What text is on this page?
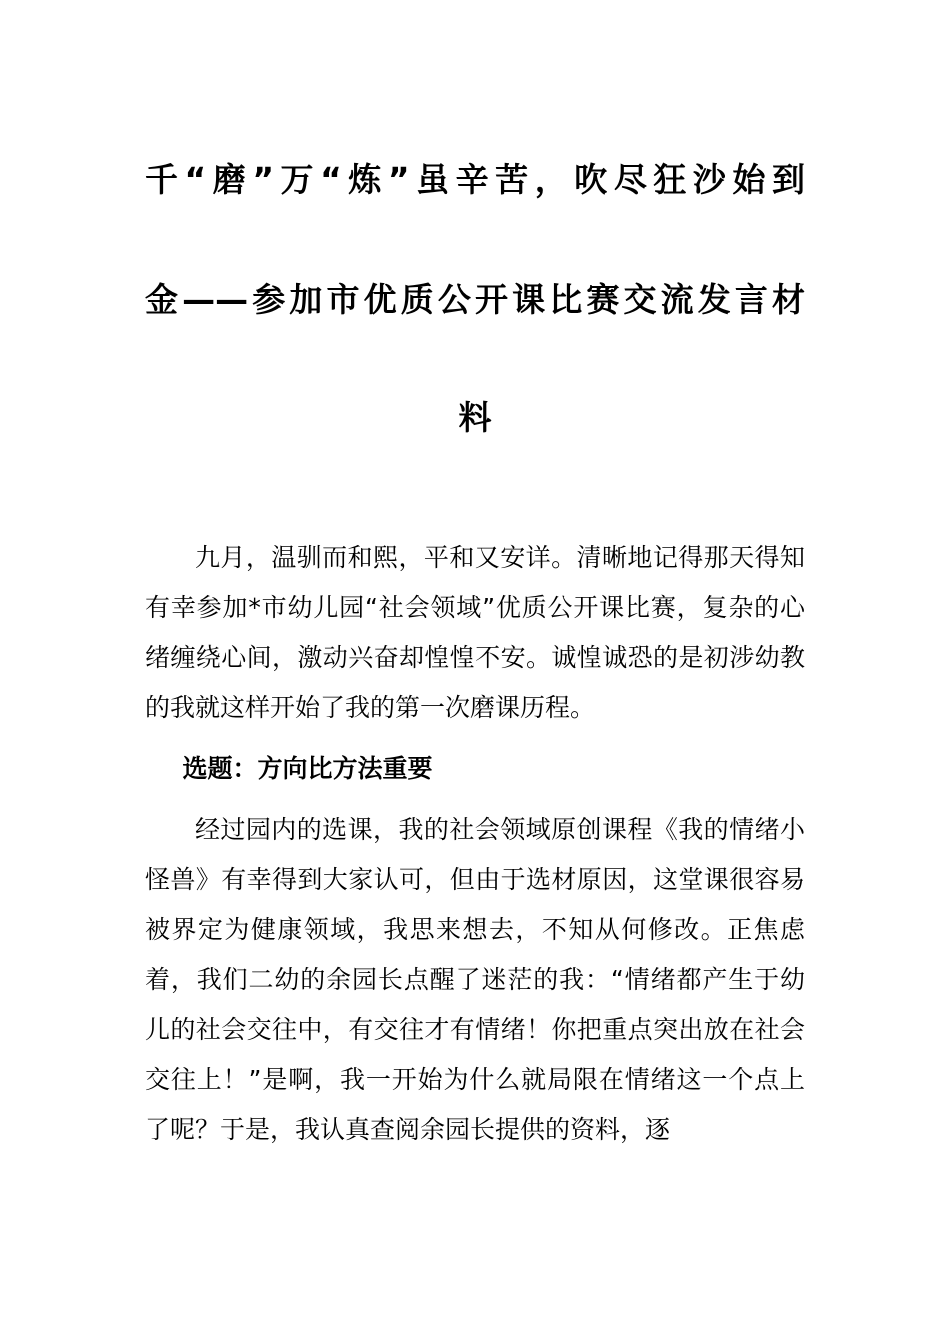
千“磨”万“炼”虽辛苦，吹尽狂沙始到
金——参加市优质公开课比赛交流发言材
料

九月，温驯而和熙，平和又安详。清晰地记得那天得知有幸参加*市幼儿园“社会领域”优质公开课比赛，复杂的心绪缠绕心间，激动兴奋却惶惶不安。诚惶诚恐的是初涉幼教的我就这样开始了我的第一次磨课历程。

选题：方向比方法重要

经过园内的选课，我的社会领域原创课程《我的情绪小怪兽》有幸得到大家认可，但由于选材原因，这堂课很容易被界定为健康领域，我思来想去，不知从何修改。正焦虑着，我们二幼的余园长点醒了迷茫的我：“情绪都产生于幼儿的社会交往中，有交往才有情绪！你把重点突出放在社会交往上！”是啊，我一开始为什么就局限在情绪这一个点上了呢？于是，我认真查阅余园长提供的资料，逐
